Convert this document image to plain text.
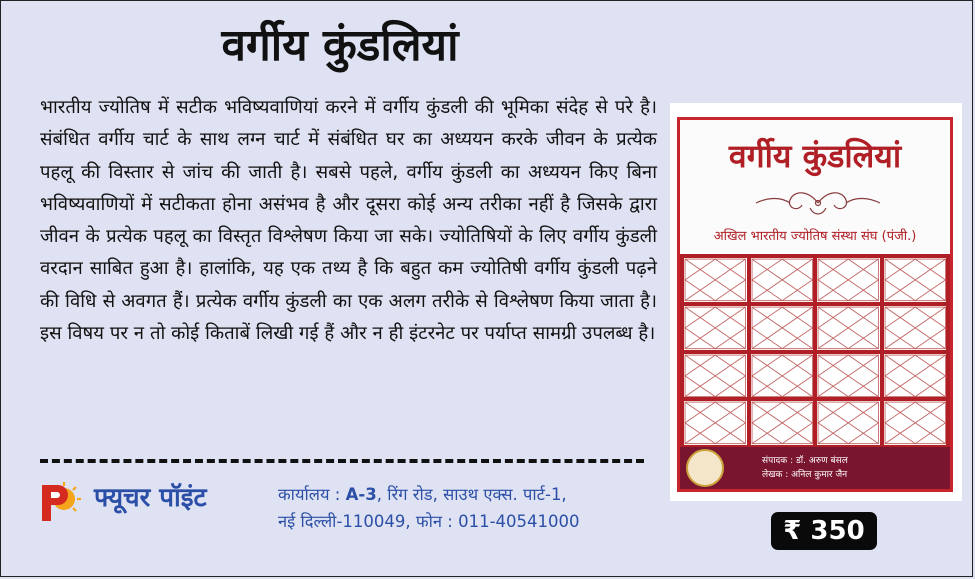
वर्गीय कुंडलियां
भारतीय ज्योतिष में सटीक भविष्यवाणियां करने में वर्गीय कुंडली की भूमिका संदेह से परे है। संबंधित वर्गीय चार्ट के साथ लग्न चार्ट में संबंधित घर का अध्ययन करके जीवन के प्रत्येक पहलू की विस्तार से जांच की जाती है। सबसे पहले, वर्गीय कुंडली का अध्ययन किए बिना भविष्यवाणियों में सटीकता होना असंभव है और दूसरा कोई अन्य तरीका नहीं है जिसके द्वारा जीवन के प्रत्येक पहलू का विस्तृत विश्लेषण किया जा सके। ज्योतिषियों के लिए वर्गीय कुंडली वरदान साबित हुआ है। हालांकि, यह एक तथ्य है कि बहुत कम ज्योतिषी वर्गीय कुंडली पढ़ने की विधि से अवगत हैं। प्रत्येक वर्गीय कुंडली का एक अलग तरीके से विश्लेषण किया जाता है। इस विषय पर न तो कोई किताबें लिखी गई हैं और न ही इंटरनेट पर पर्याप्त सामग्री उपलब्ध है।
फ्यूचर पॉइंट	कार्यालय : A-3, रिंग रोड, साउथ एक्स. पार्ट-1,
नई दिल्ली-110049, फोन : 011-40541000
वर्गीय कुंडलियां
अखिल भारतीय ज्योतिष संस्था संघ (पंजी.)
संपादक : डॉ. अरुण बंसल
लेखक : अनिल कुमार जैन
₹ 350
